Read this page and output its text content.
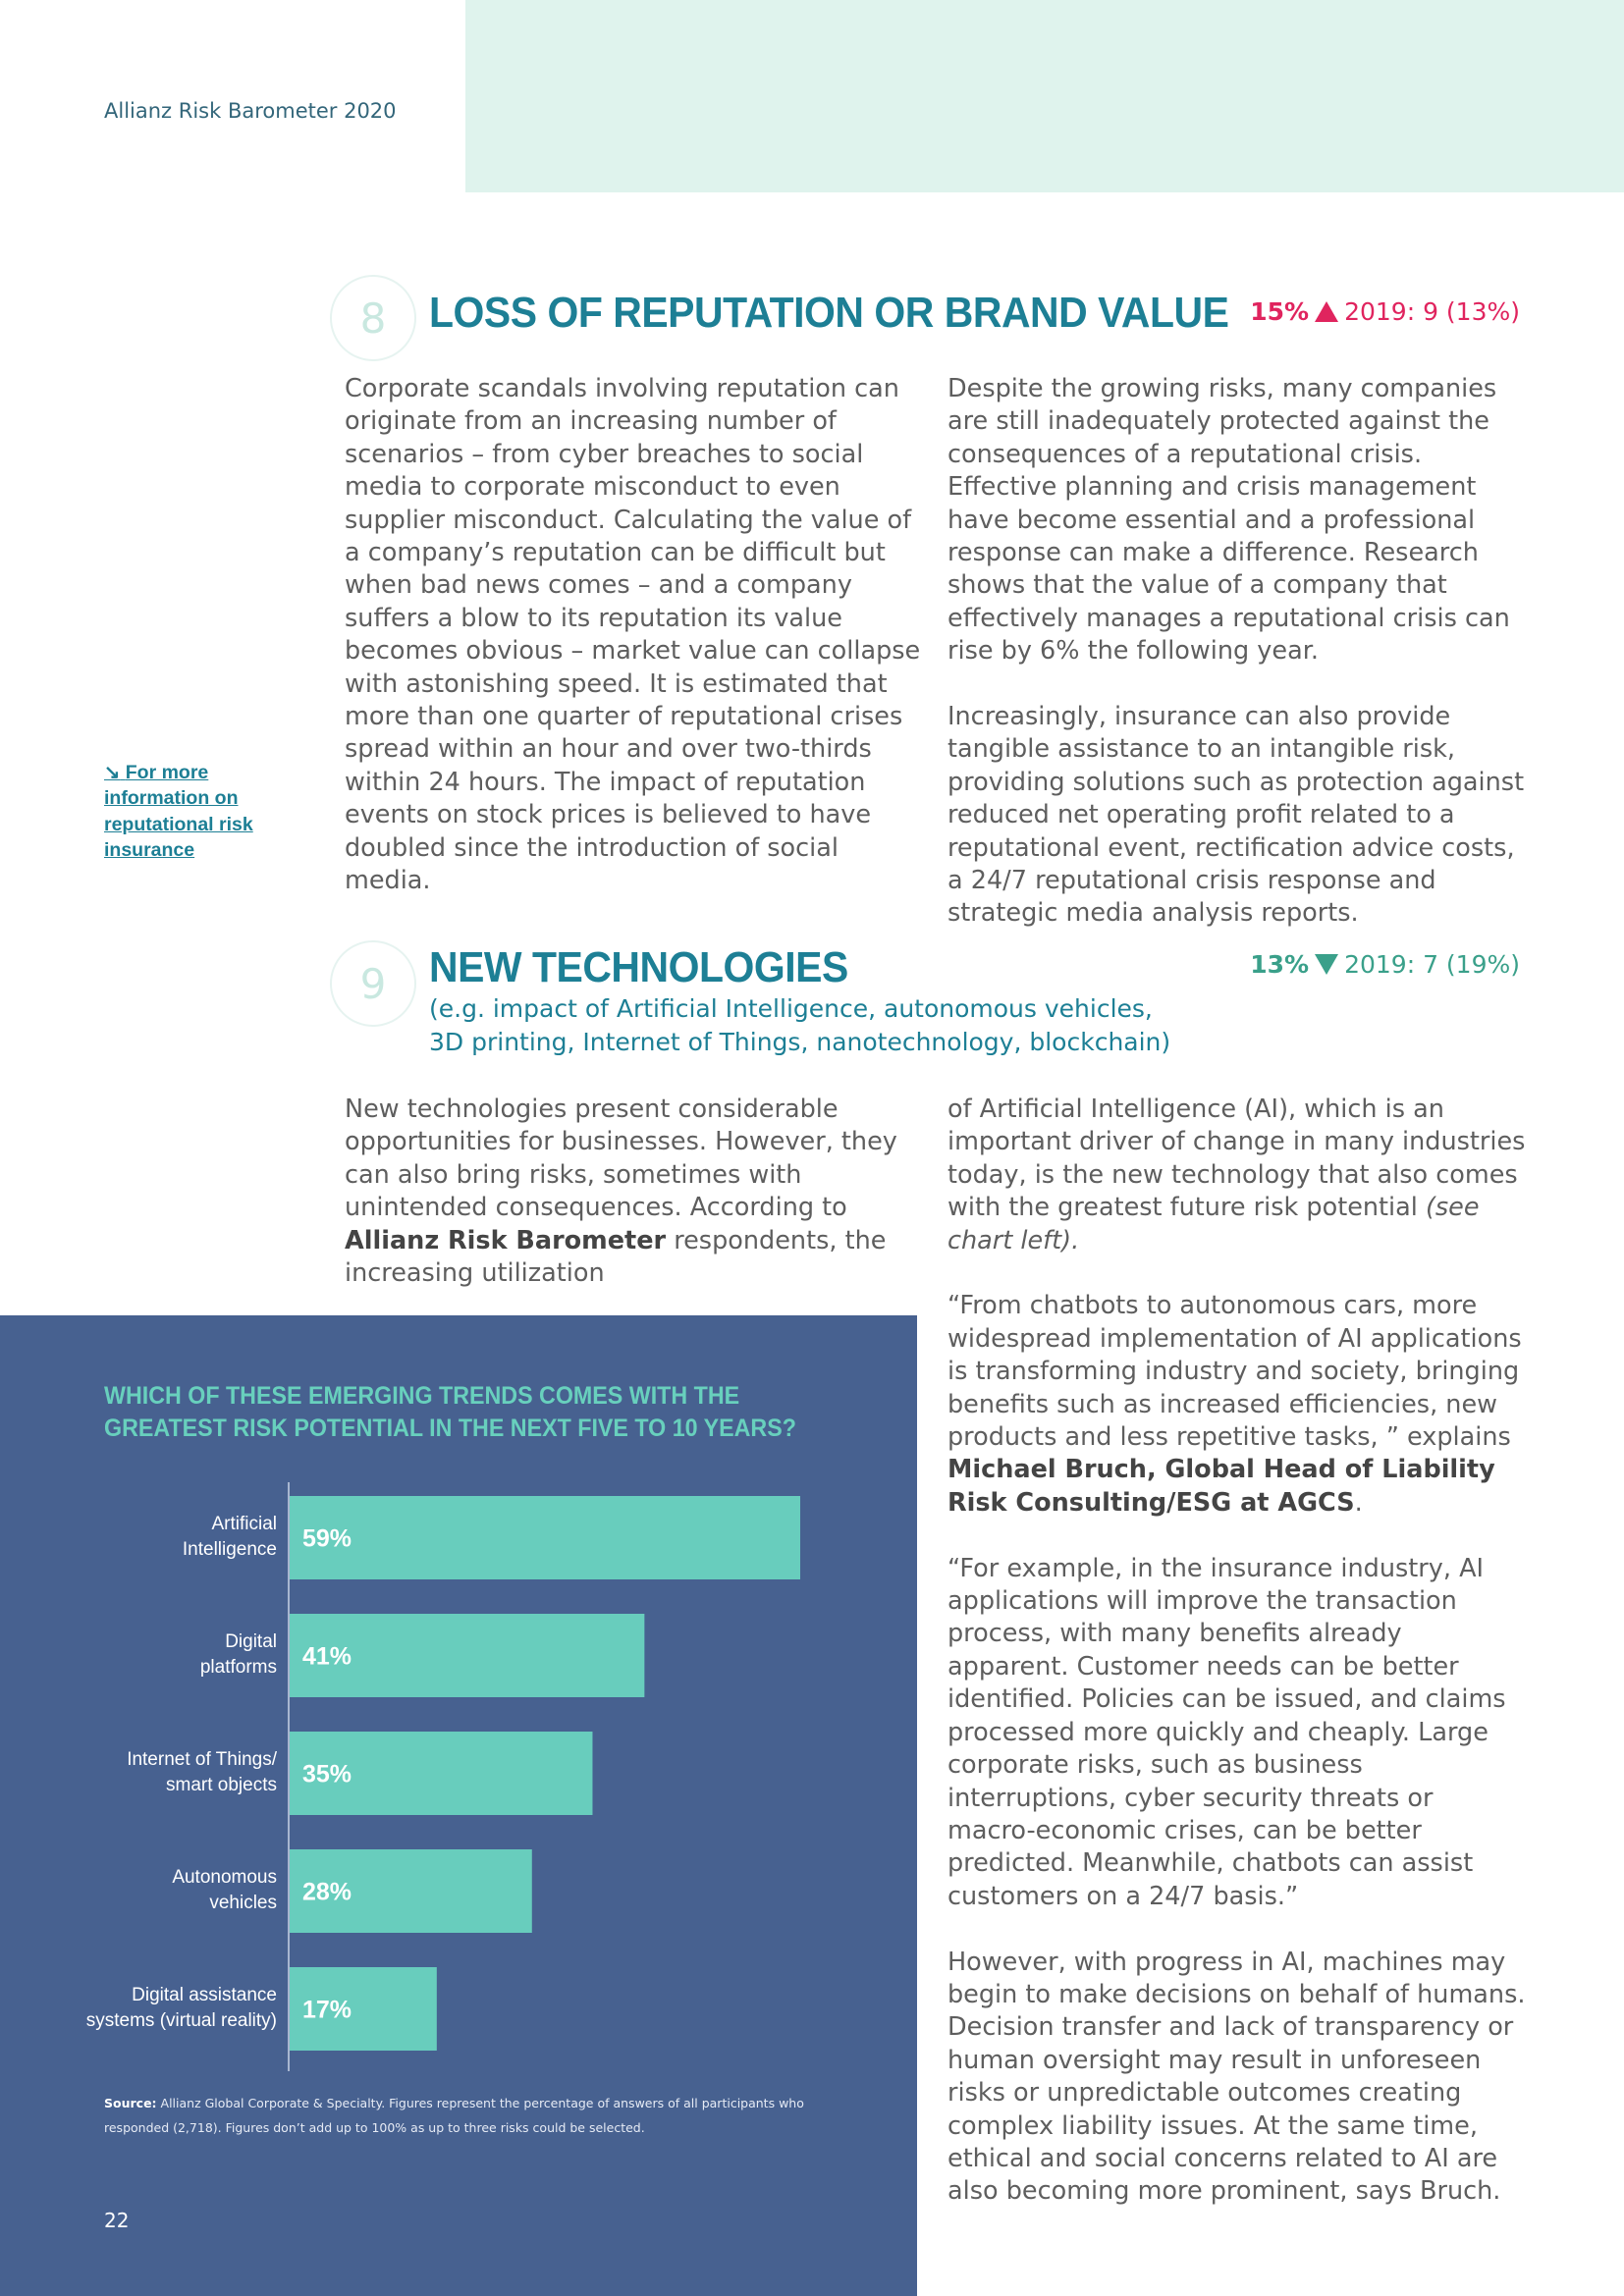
Allianz Risk Barometer 2020
8 LOSS OF REPUTATION OR BRAND VALUE 15% 2019: 9 (13%)

Corporate scandals involving reputation can originate from an increasing number of scenarios – from cyber breaches to social media to corporate misconduct to even supplier misconduct. Calculating the value of a company’s reputation can be difficult but when bad news comes – and a company suffers a blow to its reputation its value becomes obvious – market value can collapse with astonishing speed. It is estimated that more than one quarter of reputational crises spread within an hour and over two-thirds within 24 hours. The impact of reputation events on stock prices is believed to have doubled since the introduction of social media.

Despite the growing risks, many companies are still inadequately protected against the consequences of a reputational crisis. Effective planning and crisis management have become essential and a professional response can make a difference. Research shows that the value of a company that effectively manages a reputational crisis can rise by 6% the following year.

Increasingly, insurance can also provide tangible assistance to an intangible risk, providing solutions such as protection against reduced net operating profit related to a reputational event, rectification advice costs, a 24/7 reputational crisis response and strategic media analysis reports.

↘ For more information on reputational risk insurance
9 NEW TECHNOLOGIES
(e.g. impact of Artificial Intelligence, autonomous vehicles,
3D printing, Internet of Things, nanotechnology, blockchain)
13% 2019: 7 (19%)

New technologies present considerable opportunities for businesses. However, they can also bring risks, sometimes with unintended consequences. According to Allianz Risk Barometer respondents, the increasing utilization

of Artificial Intelligence (AI), which is an important driver of change in many industries today, is the new technology that also comes with the greatest future risk potential (see chart left).

“From chatbots to autonomous cars, more widespread implementation of AI applications is transforming industry and society, bringing benefits such as increased efficiencies, new products and less repetitive tasks, ” explains Michael Bruch, Global Head of Liability Risk Consulting/ESG at AGCS.

“For example, in the insurance industry, AI applications will improve the transaction process, with many benefits already apparent. Customer needs can be better identified. Policies can be issued, and claims processed more quickly and cheaply. Large corporate risks, such as business interruptions, cyber security threats or macro-economic crises, can be better predicted. Meanwhile, chatbots can assist customers on a 24/7 basis.”

However, with progress in AI, machines may begin to make decisions on behalf of humans. Decision transfer and lack of transparency or human oversight may result in unforeseen risks or unpredictable outcomes creating complex liability issues. At the same time, ethical and social concerns related to AI are also becoming more prominent, says Bruch.

WHICH OF THESE EMERGING TRENDS COMES WITH THE GREATEST RISK POTENTIAL IN THE NEXT FIVE TO 10 YEARS?
59%
Artificial
Intelligence
41%
Digital
platforms
35%
Internet of Things/
smart objects
28%
Autonomous
vehicles
17%
Digital assistance
systems (virtual reality)
Source: Allianz Global Corporate & Specialty. Figures represent the percentage of answers of all participants who responded (2,718). Figures don’t add up to 100% as up to three risks could be selected.
22
